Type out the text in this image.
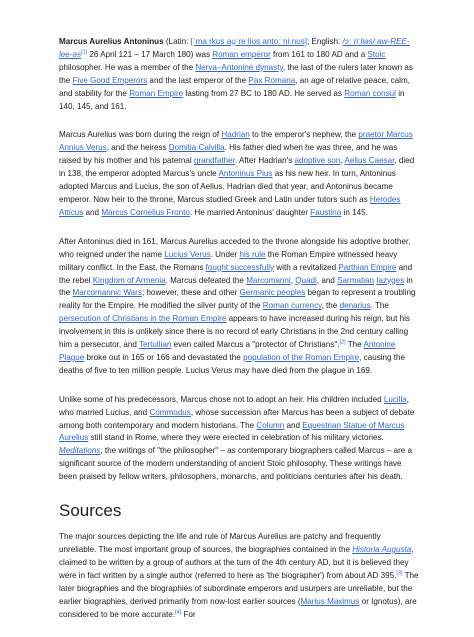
Marcus Aurelius Antoninus (Latin: [ˈmaːrkʊs au̯ˈreːliʊs antoːˈniːnʊs]; English: /ɔːˈriːliəs/ aw-REE-lee-əs[1] 26 April 121 – 17 March 180) was Roman emperor from 161 to 180 AD and a Stoic philosopher. He was a member of the Nerva–Antonine dynasty, the last of the rulers later known as the Five Good Emperors and the last emperor of the Pax Romana, an age of relative peace, calm, and stability for the Roman Empire lasting from 27 BC to 180 AD. He served as Roman consul in 140, 145, and 161.

Marcus Aurelius was born during the reign of Hadrian to the emperor's nephew, the praetor Marcus Annius Verus, and the heiress Domitia Calvilla. His father died when he was three, and he was raised by his mother and his paternal grandfather. After Hadrian's adoptive son, Aelius Caesar, died in 138, the emperor adopted Marcus's uncle Antoninus Pius as his new heir. In turn, Antoninus adopted Marcus and Lucius, the son of Aelius. Hadrian died that year, and Antoninus became emperor. Now heir to the throne, Marcus studied Greek and Latin under tutors such as Herodes Atticus and Marcus Cornelius Fronto. He married Antoninus' daughter Faustina in 145.

After Antoninus died in 161, Marcus Aurelius acceded to the throne alongside his adoptive brother, who reigned under the name Lucius Verus. Under his rule the Roman Empire witnessed heavy military conflict. In the East, the Romans fought successfully with a revitalized Parthian Empire and the rebel Kingdom of Armenia. Marcus defeated the Marcomanni, Quadi, and Sarmatian Iazyges in the Marcomannic Wars; however, these and other Germanic peoples began to represent a troubling reality for the Empire. He modified the silver purity of the Roman currency, the denarius. The persecution of Christians in the Roman Empire appears to have increased during his reign, but his involvement in this is unlikely since there is no record of early Christians in the 2nd century calling him a persecutor, and Tertullian even called Marcus a "protector of Christians".[2] The Antonine Plague broke out in 165 or 166 and devastated the population of the Roman Empire, causing the deaths of five to ten million people. Lucius Verus may have died from the plague in 169.

Unlike some of his predecessors, Marcus chose not to adopt an heir. His children included Lucilla, who married Lucius, and Commodus, whose succession after Marcus has been a subject of debate among both contemporary and modern historians. The Column and Equestrian Statue of Marcus Aurelius still stand in Rome, where they were erected in celebration of his military victories. Meditations, the writings of "the philosopher" – as contemporary biographers called Marcus – are a significant source of the modern understanding of ancient Stoic philosophy. These writings have been praised by fellow writers, philosophers, monarchs, and politicians centuries after his death.

Sources

The major sources depicting the life and rule of Marcus Aurelius are patchy and frequently unreliable. The most important group of sources, the biographies contained in the Historia Augusta, claimed to be written by a group of authors at the turn of the 4th century AD, but it is believed they were in fact written by a single author (referred to here as 'the biographer') from about AD 395.[3] The later biographies and the biographies of subordinate emperors and usurpers are unreliable, but the earlier biographies, derived primarily from now-lost earlier sources (Marius Maximus or Ignotus), are considered to be more accurate.[4] For
